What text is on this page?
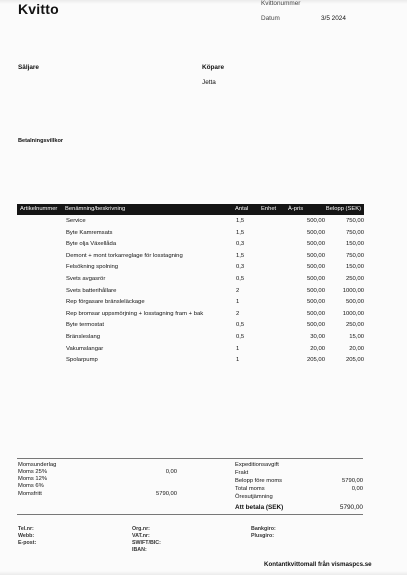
Kvitto	Kvittonummer
Datum	3/5 2024
Säljare	Köpare
Jetta
Betalningsvillkor
Artikelnummer Benämning/beskrivning	Antal Enhet À-pris	Belopp (SEK)
Service	1,5	500,00	750,00
Byte Kamremsats	1,5	500,00	750,00
Byte olja Växellåda	0,3	500,00	150,00
Demont + mont torkarreglage för losstagning	1,5	500,00	750,00
Felsökning spolning	0,3	500,00	150,00
Svets avgasrör	0,5	500,00	250,00
Svets batterihållare	2	500,00	1000,00
Rep förgasare bränsleläckage	1	500,00	500,00
Rep bromsar uppsmörjning + losstagning fram + bak	2	500,00	1000,00
Byte termostat	0,5	500,00	250,00
Bränsleslang	0,5	30,00	15,00
Vakumslangar	1	20,00	20,00
Spolarpump	1	205,00	205,00
Momsunderlag
Moms 25%	0,00
Moms 12%
Moms 6%
Momsfritt	5790,00
Expeditionsavgift
Frakt
Belopp före moms	5790,00
Total moms	0,00
Öresutjämning
Att betala (SEK)	5790,00
Tel.nr:
Webb:
E-post:
Org.nr:
VAT.nr:
SWIFT/BIC:
IBAN:
Bankgiro:
Plusgiro:
Kontantkvittomall från vismaspcs.se
